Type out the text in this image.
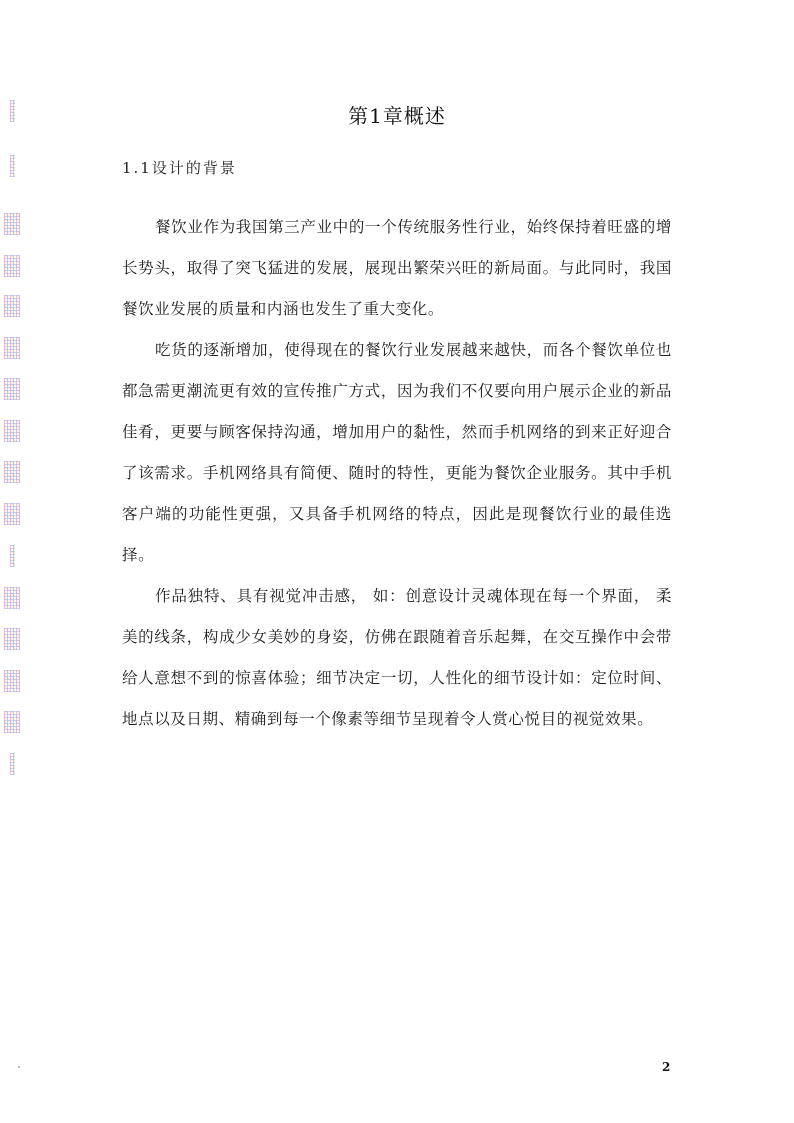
第1章概述
1.1设计的背景

餐饮业作为我国第三产业中的一个传统服务性行业，始终保持着旺盛的增长势头，取得了突飞猛进的发展，展现出繁荣兴旺的新局面。与此同时，我国餐饮业发展的质量和内涵也发生了重大变化。

吃货的逐渐增加，使得现在的餐饮行业发展越来越快，而各个餐饮单位也都急需更潮流更有效的宣传推广方式，因为我们不仅要向用户展示企业的新品佳肴，更要与顾客保持沟通，增加用户的黏性，然而手机网络的到来正好迎合了该需求。手机网络具有简便、随时的特性，更能为餐饮企业服务。其中手机客户端的功能性更强，又具备手机网络的特点，因此是现餐饮行业的最佳选择。

作品独特、具有视觉冲击感， 如：创意设计灵魂体现在每一个界面， 柔美的线条，构成少女美妙的身姿，仿佛在跟随着音乐起舞，在交互操作中会带给人意想不到的惊喜体验；细节决定一切，人性化的细节设计如：定位时间、地点以及日期、精确到每一个像素等细节呈现着令人赏心悦目的视觉效果。

2
